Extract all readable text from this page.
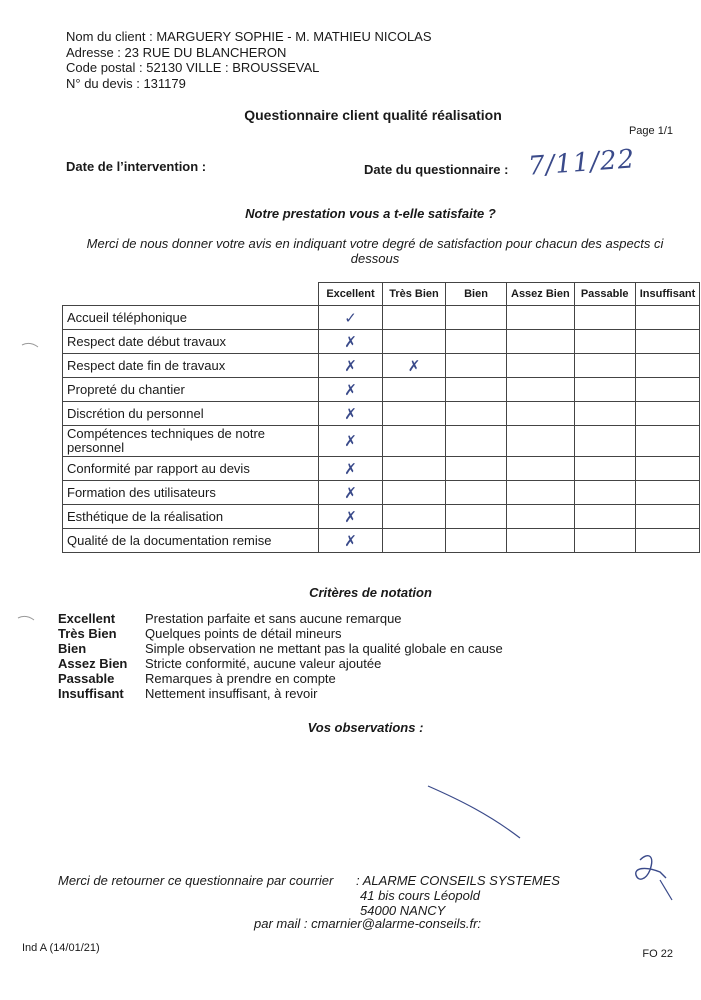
Nom du client : MARGUERY SOPHIE - M. MATHIEU NICOLAS
Adresse : 23 RUE DU BLANCHERON
Code postal : 52130 VILLE : BROUSSEVAL
N° du devis : 131179
Questionnaire client qualité réalisation
Page 1/1
Date de l’intervention :	Date du questionnaire : 7/11/22
Notre prestation vous a t-elle satisfaite ?
Merci de nous donner votre avis en indiquant votre degré de satisfaction pour chacun des aspects ci dessous
	Excellent	Très Bien	Bien	Assez Bien	Passable	Insuffisant
Accueil téléphonique	✓					
Respect date début travaux	✗					
Respect date fin de travaux	✗	✗				
Propreté du chantier	✗					
Discrétion du personnel	✗					
Compétences techniques de notre personnel	✗					
Conformité par rapport au devis	✗					
Formation des utilisateurs	✗					
Esthétique de la réalisation	✗					
Qualité de la documentation remise	✗					
Critères de notation
Excellent	Prestation parfaite et sans aucune remarque
Très Bien	Quelques points de détail mineurs
Bien	Simple observation ne mettant pas la qualité globale en cause
Assez Bien	Stricte conformité, aucune valeur ajoutée
Passable	Remarques à prendre en compte
Insuffisant	Nettement insuffisant, à revoir
Vos observations :
Merci de retourner ce questionnaire par courrier : ALARME CONSEILS SYSTEMES
41 bis cours Léopold
54000 NANCY
par mail : cmarnier@alarme-conseils.fr:
Ind A (14/01/21)	FO 22
